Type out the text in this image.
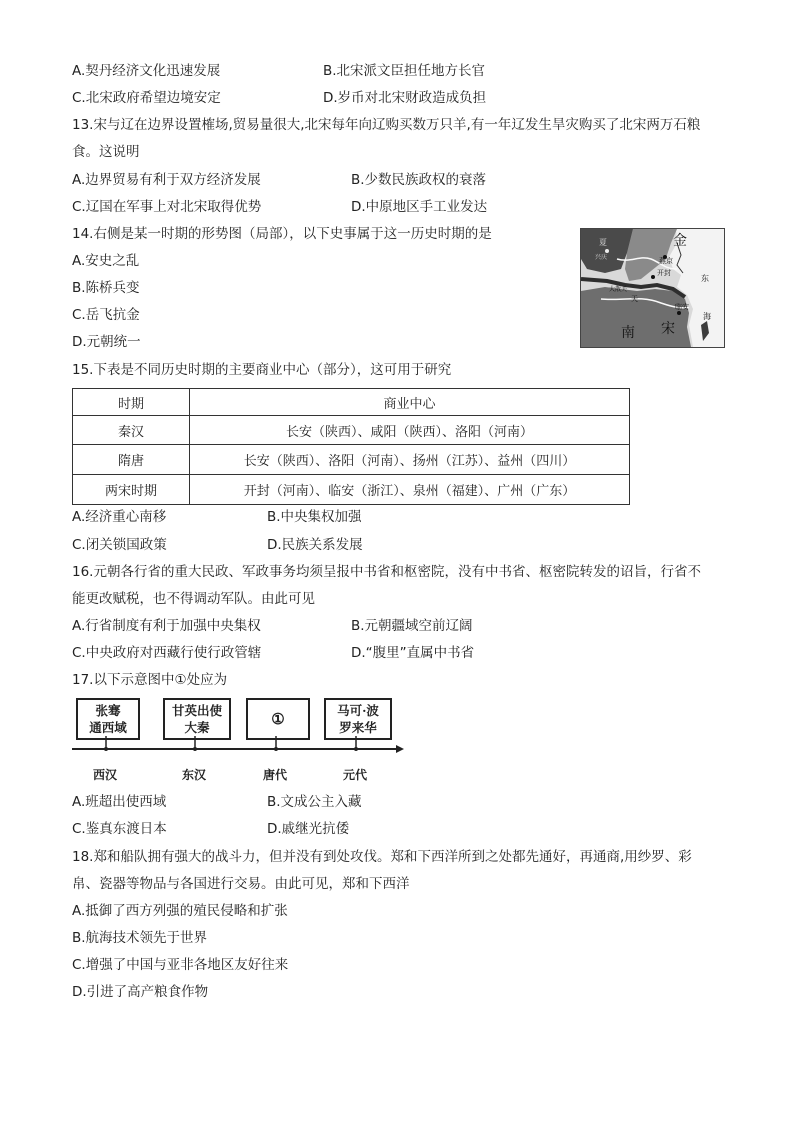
A.契丹经济文化迅速发展	B.北宋派文臣担任地方长官
C.北宋政府希望边境安定	D.岁币对北宋财政造成负担
13.宋与辽在边界设置榷场,贸易量很大,北宋每年向辽购买数万只羊,有一年辽发生旱灾购买了北宋两万石粮
食。这说明
A.边界贸易有利于双方经济发展	B.少数民族政权的衰落
C.辽国在军事上对北宋取得优势	D.中原地区手工业发达
14.右侧是某一时期的形势图（局部），以下史事属于这一历史时期的是
A.安史之乱
B.陈桥兵变
C.岳飞抗金
D.元朝统一
金
燕京
开封
东
海
临安
大散关
夏
兴庆
天
南 宋
15.下表是不同历史时期的主要商业中心（部分），这可用于研究
时期	商业中心
秦汉	长安（陕西）、咸阳（陕西）、洛阳（河南）
隋唐	长安（陕西）、洛阳（河南）、扬州（江苏）、益州（四川）
两宋时期	开封（河南）、临安（浙江）、泉州（福建）、广州（广东）
A.经济重心南移	B.中央集权加强
C.闭关锁国政策	D.民族关系发展
16.元朝各行省的重大民政、军政事务均须呈报中书省和枢密院，没有中书省、枢密院转发的诏旨，行省不
能更改赋税，也不得调动军队。由此可见
A.行省制度有利于加强中央集权	B.元朝疆域空前辽阔
C.中央政府对西藏行使行政管辖	D.“腹里”直属中书省
17.以下示意图中①处应为
张骞
通西域
甘英出使
大秦	①	马可·波
罗来华
西汉	东汉	唐代	元代
A.班超出使西域	B.文成公主入藏
C.鉴真东渡日本	D.戚继光抗倭
18.郑和船队拥有强大的战斗力，但并没有到处攻伐。郑和下西洋所到之处都先通好，再通商,用纱罗、彩
帛、瓷器等物品与各国进行交易。由此可见，郑和下西洋
A.抵御了西方列强的殖民侵略和扩张
B.航海技术领先于世界
C.增强了中国与亚非各地区友好往来
D.引进了高产粮食作物
